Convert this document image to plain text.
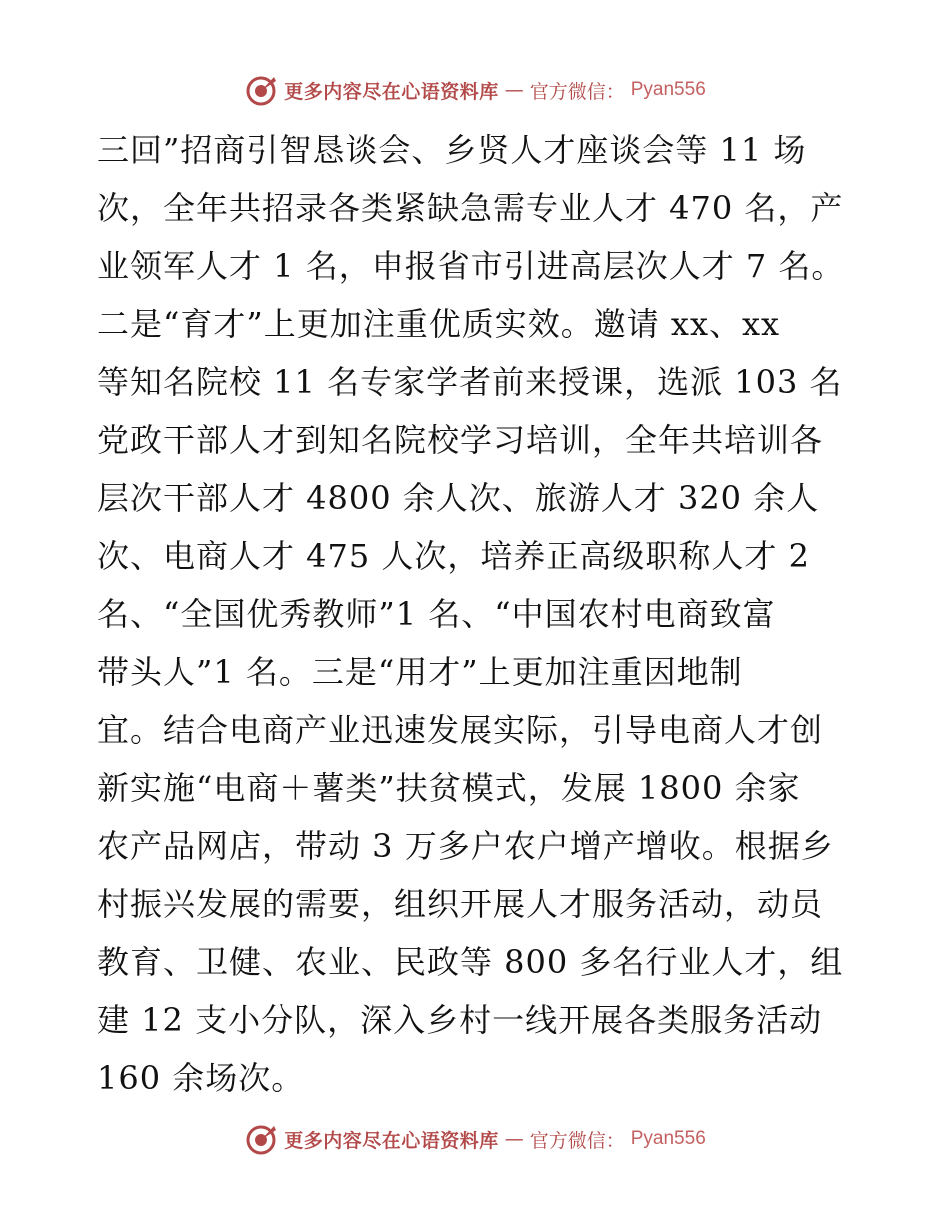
更多内容尽在心语资料库 — 官方微信： Pyan556
三回”招商引智恳谈会、乡贤人才座谈会等 11 场
次，全年共招录各类紧缺急需专业人才 470 名，产
业领军人才 1 名，申报省市引进高层次人才 7 名。
二是“育才”上更加注重优质实效。邀请 xx、xx
等知名院校 11 名专家学者前来授课，选派 103 名
党政干部人才到知名院校学习培训，全年共培训各
层次干部人才 4800 余人次、旅游人才 320 余人
次、电商人才 475 人次，培养正高级职称人才 2
名、“全国优秀教师”1 名、“中国农村电商致富
带头人”1 名。三是“用才”上更加注重因地制
宜。结合电商产业迅速发展实际，引导电商人才创
新实施“电商＋薯类”扶贫模式，发展 1800 余家
农产品网店，带动 3 万多户农户增产增收。根据乡
村振兴发展的需要，组织开展人才服务活动，动员
教育、卫健、农业、民政等 800 多名行业人才，组
建 12 支小分队，深入乡村一线开展各类服务活动
160 余场次。
更多内容尽在心语资料库 — 官方微信： Pyan556
